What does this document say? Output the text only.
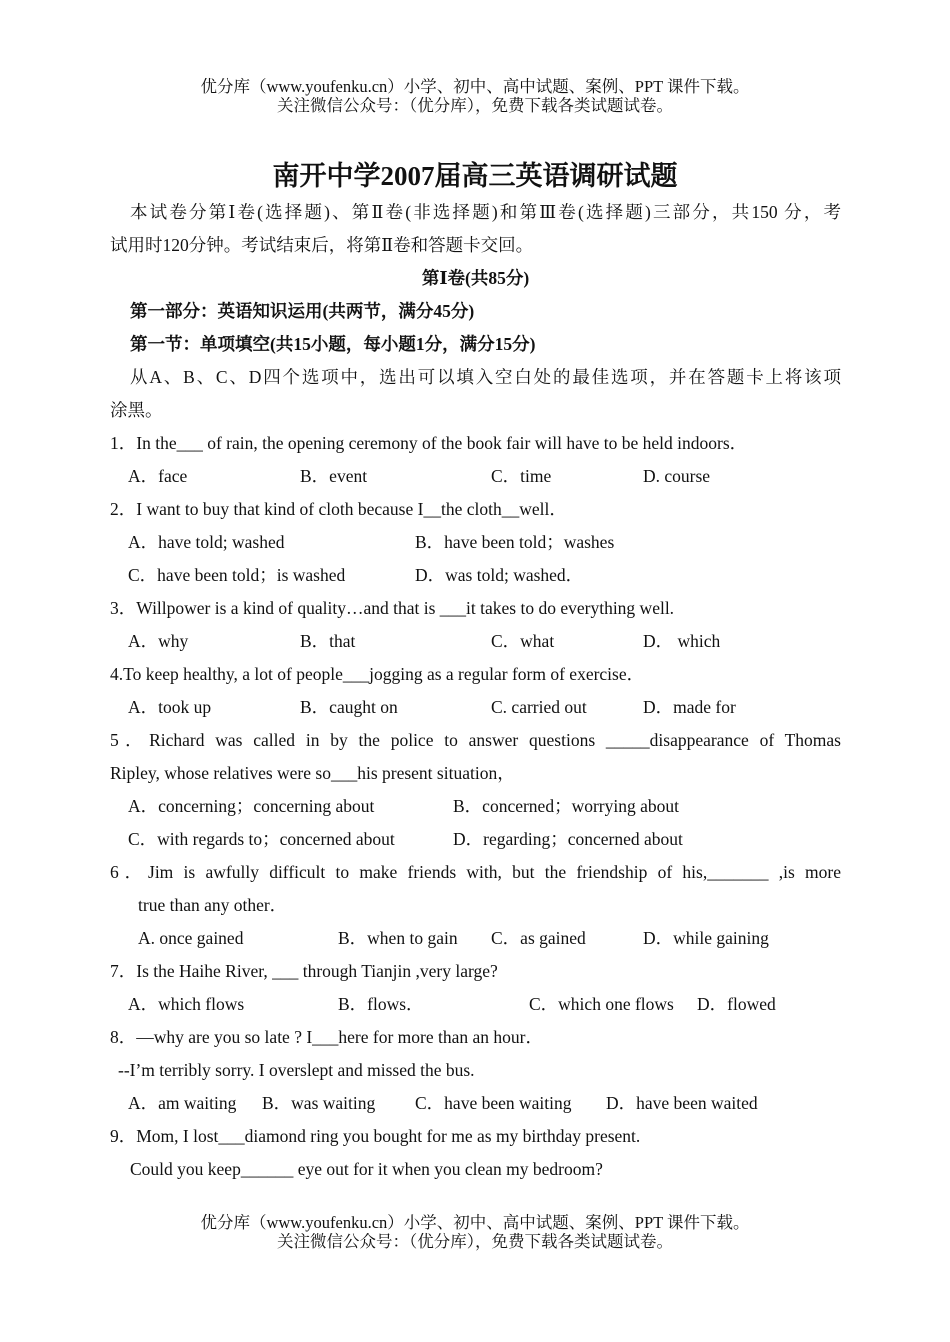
优分库（www.youfenku.cn）小学、初中、高中试题、案例、PPT 课件下载。
关注微信公众号：（优分库），免费下载各类试题试卷。
南开中学2007届高三英语调研试题
本试卷分第Ⅰ卷(选择题)、第Ⅱ卷(非选择题)和第Ⅲ卷(选择题)三部分，共150 分，考
试用时120分钟。考试结束后，将第Ⅱ卷和答题卡交回。
第Ⅰ卷(共85分)
第一部分：英语知识运用(共两节，满分45分)
第一节：单项填空(共15小题，每小题1分，满分15分)
从A、B、C、D四个选项中，选出可以填入空白处的最佳选项，并在答题卡上将该项
涂黑。
1．In the___ of rain, the opening ceremony of the book fair will have to be held indoors．
A．face	B．event	C．time	D. course
2．I want to buy that kind of cloth because I__the cloth__well．
A．have told; washed	B．have been told；washes
C．have been told；is washed	D．was told; washed．
3．Willpower is a kind of quality…and that is ___it takes to do everything well.
A．why	B．that	C．what	D． which
4.To keep healthy, a lot of people___jogging as a regular form of exercise．
A．took up	B．caught on	C. carried out	D．made for
5．Richard was called in by the police to answer questions _____disappearance of Thomas
Ripley, whose relatives were so___his present situation，
A．concerning；concerning about	B．concerned；worrying about
C．with regards to；concerned about	D．regarding；concerned about
6．Jim is awfully difficult to make friends with, but the friendship of his,_______ ,is more
true than any other．
A. once gained	B．when to gain C．as gained	D．while gaining
7．Is the Haihe River, ___ through Tianjin ,very large?
A．which flows	B．flows．	C．which one flows D．flowed
8．—why are you so late ? I___here for more than an hour．
--I’m terribly sorry. I overslept and missed the bus.
A．am waiting B．was waiting C．have been waiting D．have been waited
9．Mom, I lost___diamond ring you bought for me as my birthday present.
Could you keep______ eye out for it when you clean my bedroom?
优分库（www.youfenku.cn）小学、初中、高中试题、案例、PPT 课件下载。
关注微信公众号：（优分库），免费下载各类试题试卷。
